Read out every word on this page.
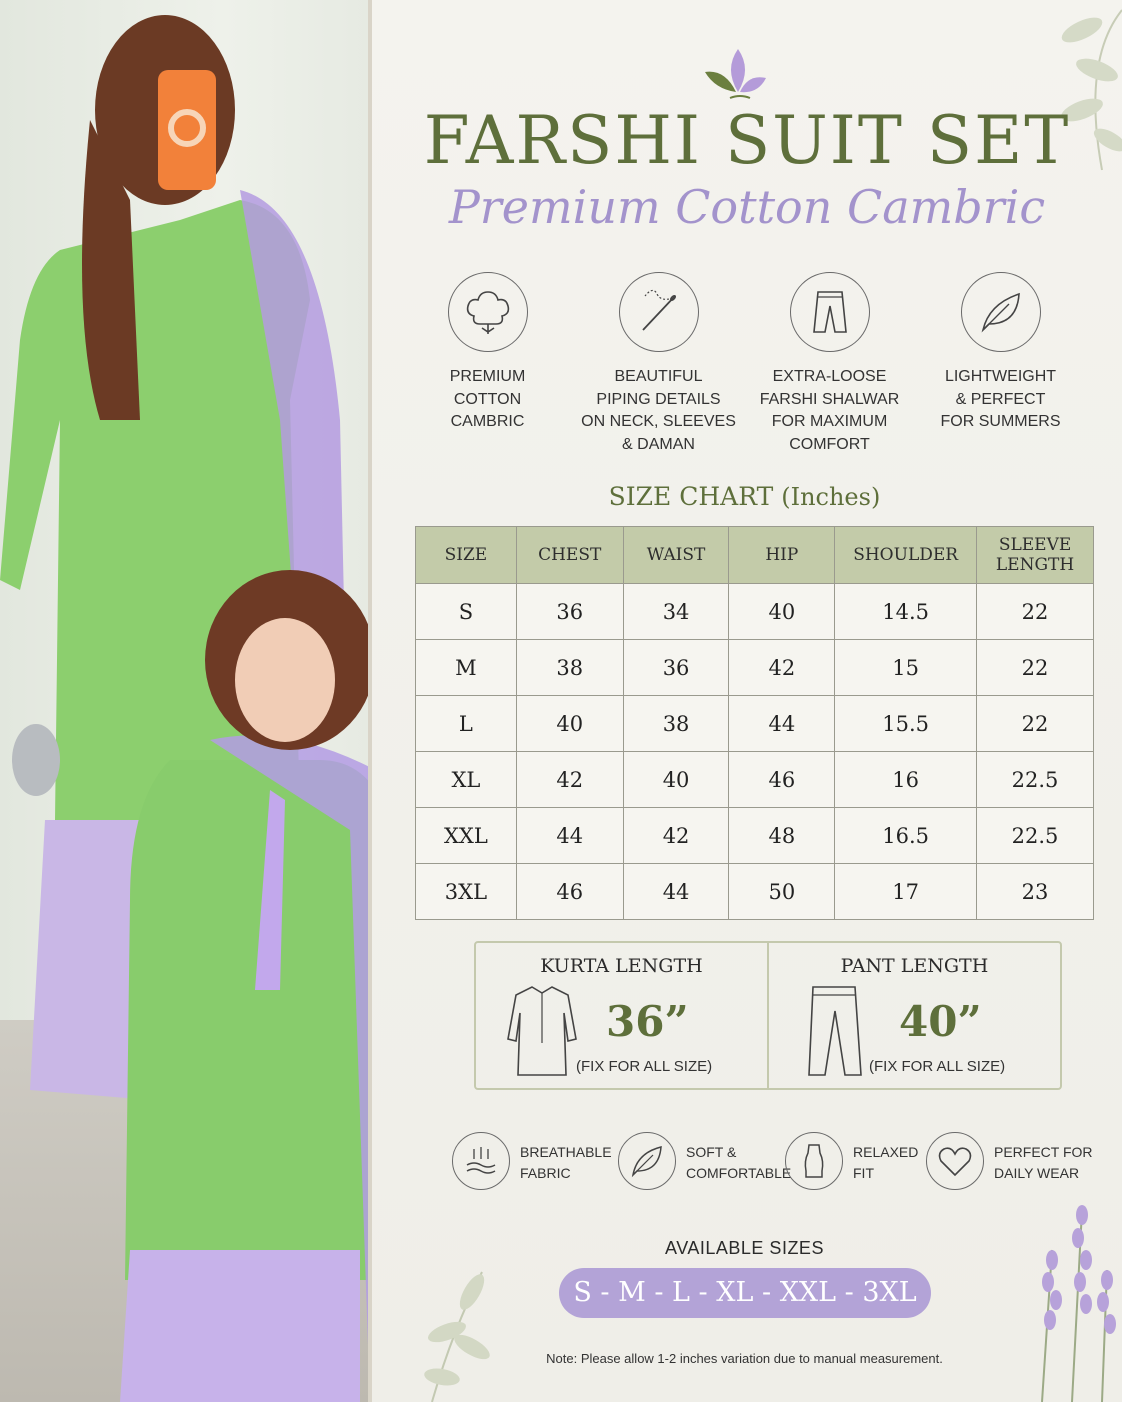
FARSHI SUIT SET
Premium Cotton Cambric
PREMIUM
COTTON
CAMBRIC
BEAUTIFUL
PIPING DETAILS
ON NECK, SLEEVES
& DAMAN
EXTRA-LOOSE
FARSHI SHALWAR
FOR MAXIMUM
COMFORT
LIGHTWEIGHT
& PERFECT
FOR SUMMERS
SIZE CHART (Inches)
SIZE	CHEST	WAIST	HIP	SHOULDER	SLEEVE LENGTH
S	36	34	40	14.5	22
M	38	36	42	15	22
L	40	38	44	15.5	22
XL	42	40	46	16	22.5
XXL	44	42	48	16.5	22.5
3XL	46	44	50	17	23
KURTA LENGTH
36”
(FIX FOR ALL SIZE)
PANT LENGTH
40”
(FIX FOR ALL SIZE)
BREATHABLE
FABRIC
SOFT &
COMFORTABLE
RELAXED
FIT
PERFECT FOR
DAILY WEAR
AVAILABLE SIZES
S - M - L - XL - XXL - 3XL
Note: Please allow 1-2 inches variation due to manual measurement.
